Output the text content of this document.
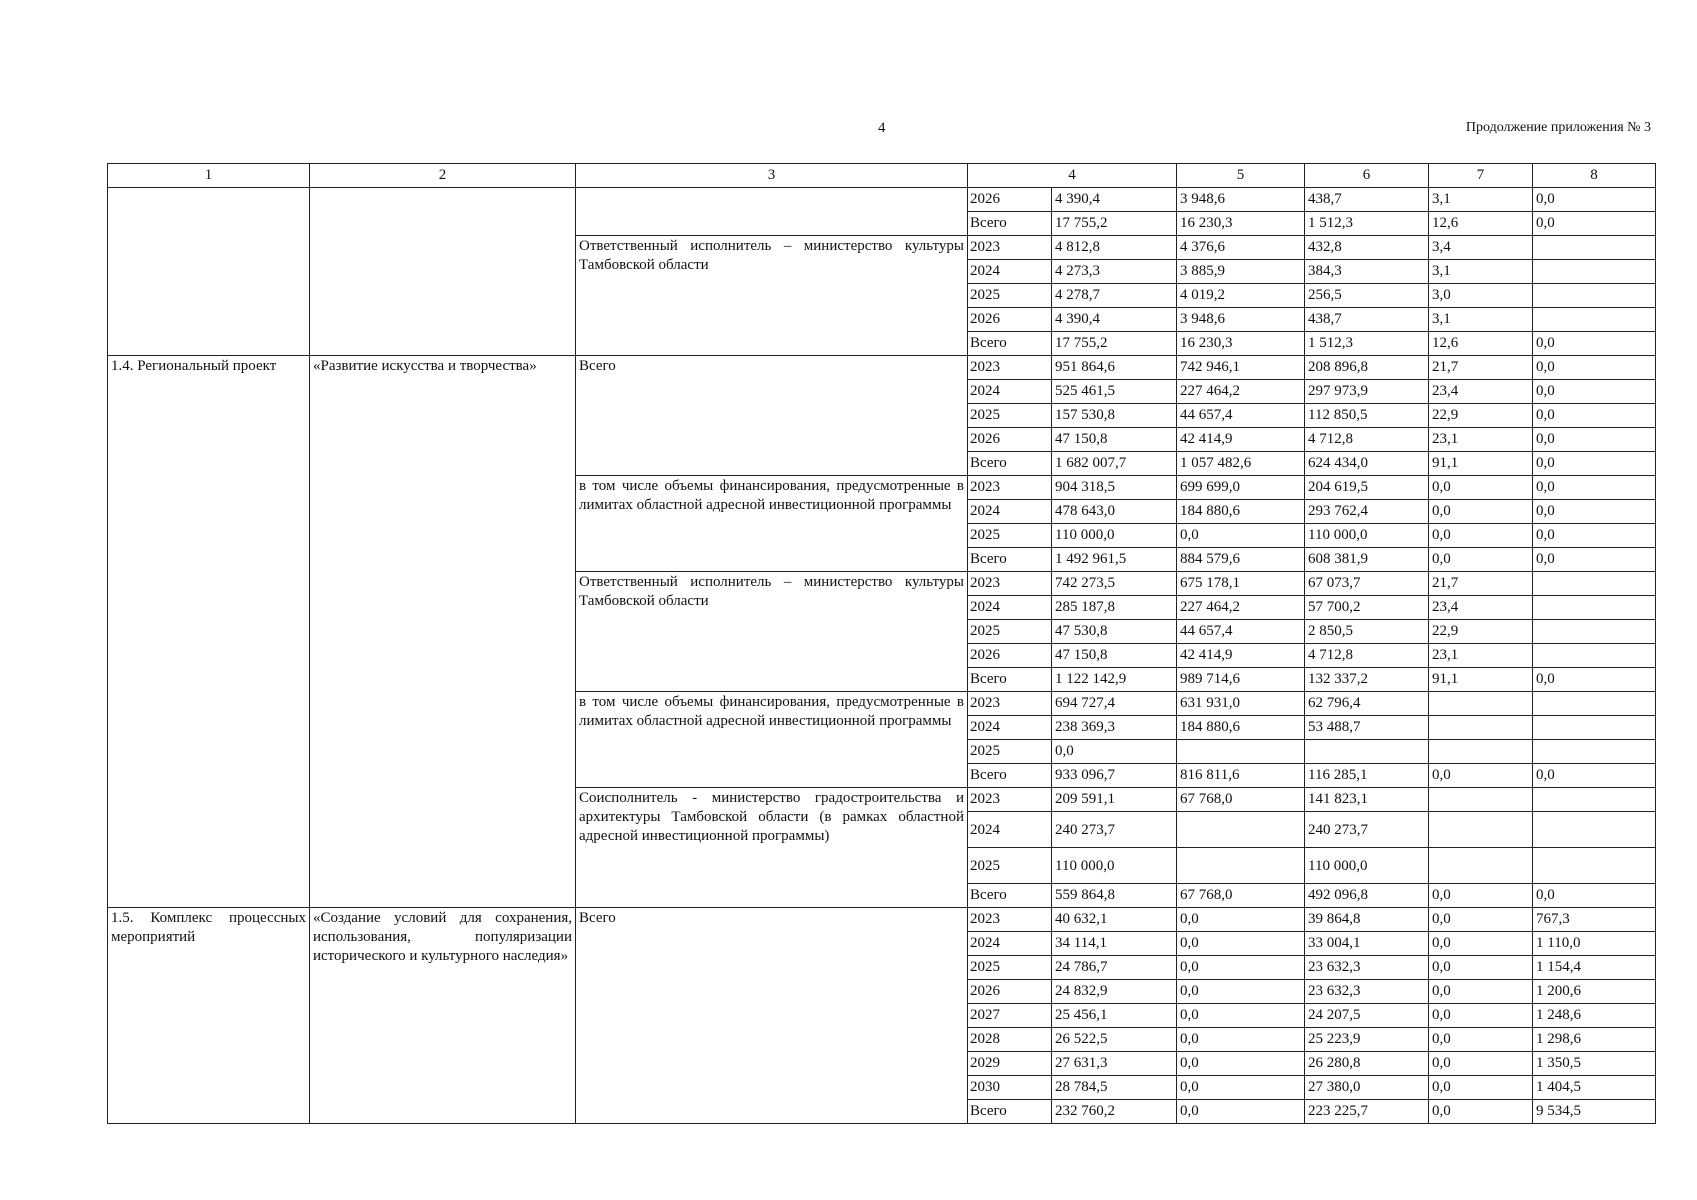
4	Продолжение приложения № 3
1	2	3	4		5	6	7	8
			2026	4 390,4	3 948,6	438,7	3,1	0,0
			Всего	17 755,2	16 230,3	1 512,3	12,6	0,0
		Ответственный исполнитель – министерство культуры Тамбовской области	2023	4 812,8	4 376,6	432,8	3,4	
			2024	4 273,3	3 885,9	384,3	3,1	
			2025	4 278,7	4 019,2	256,5	3,0	
			2026	4 390,4	3 948,6	438,7	3,1	
			Всего	17 755,2	16 230,3	1 512,3	12,6	0,0
1.4. Региональный проект	«Развитие искусства и творчества»	Всего	2023	951 864,6	742 946,1	208 896,8	21,7	0,0
			2024	525 461,5	227 464,2	297 973,9	23,4	0,0
			2025	157 530,8	44 657,4	112 850,5	22,9	0,0
			2026	47 150,8	42 414,9	4 712,8	23,1	0,0
			Всего	1 682 007,7	1 057 482,6	624 434,0	91,1	0,0
		в том числе объемы финансирования, предусмотренные в лимитах областной адресной инвестиционной программы	2023	904 318,5	699 699,0	204 619,5	0,0	0,0
			2024	478 643,0	184 880,6	293 762,4	0,0	0,0
			2025	110 000,0	0,0	110 000,0	0,0	0,0
			Всего	1 492 961,5	884 579,6	608 381,9	0,0	0,0
		Ответственный исполнитель – министерство культуры Тамбовской области	2023	742 273,5	675 178,1	67 073,7	21,7	
			2024	285 187,8	227 464,2	57 700,2	23,4	
			2025	47 530,8	44 657,4	2 850,5	22,9	
			2026	47 150,8	42 414,9	4 712,8	23,1	
			Всего	1 122 142,9	989 714,6	132 337,2	91,1	0,0
		в том числе объемы финансирования, предусмотренные в лимитах областной адресной инвестиционной программы	2023	694 727,4	631 931,0	62 796,4		
			2024	238 369,3	184 880,6	53 488,7		
			2025	0,0				
			Всего	933 096,7	816 811,6	116 285,1	0,0	0,0
		Соисполнитель - министерство градостроительства и архитектуры Тамбовской области (в рамках областной адресной инвестиционной программы)	2023	209 591,1	67 768,0	141 823,1		
			2024	240 273,7		240 273,7		
			2025	110 000,0		110 000,0		
			Всего	559 864,8	67 768,0	492 096,8	0,0	0,0
1.5. Комплекс процессных мероприятий	«Создание условий для сохранения, использования, популяризации исторического и культурного наследия»	Всего	2023	40 632,1	0,0	39 864,8	0,0	767,3
			2024	34 114,1	0,0	33 004,1	0,0	1 110,0
			2025	24 786,7	0,0	23 632,3	0,0	1 154,4
			2026	24 832,9	0,0	23 632,3	0,0	1 200,6
			2027	25 456,1	0,0	24 207,5	0,0	1 248,6
			2028	26 522,5	0,0	25 223,9	0,0	1 298,6
			2029	27 631,3	0,0	26 280,8	0,0	1 350,5
			2030	28 784,5	0,0	27 380,0	0,0	1 404,5
			Всего	232 760,2	0,0	223 225,7	0,0	9 534,5
